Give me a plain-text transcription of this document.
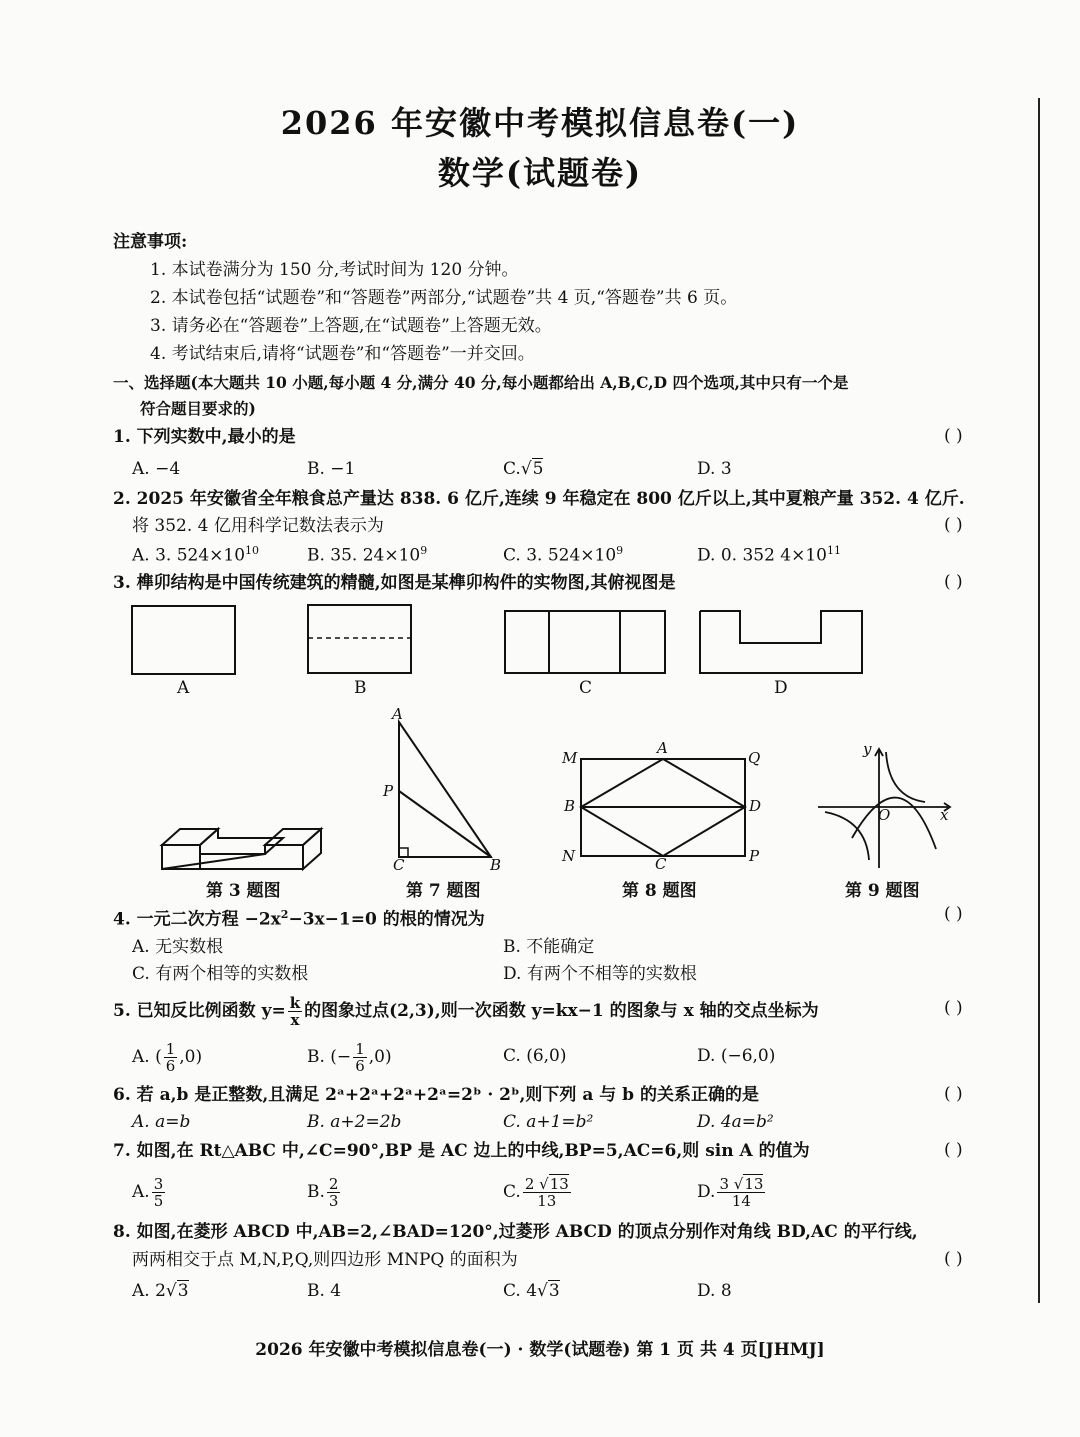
2026 年安徽中考模拟信息卷(一)
数学(试题卷)
注意事项:
1. 本试卷满分为 150 分,考试时间为 120 分钟。
2. 本试卷包括“试题卷”和“答题卷”两部分,“试题卷”共 4 页,“答题卷”共 6 页。
3. 请务必在“答题卷”上答题,在“试题卷”上答题无效。
4. 考试结束后,请将“试题卷”和“答题卷”一并交回。
一、选择题(本大题共 10 小题,每小题 4 分,满分 40 分,每小题都给出 A,B,C,D 四个选项,其中只有一个是
符合题目要求的)
1. 下列实数中,最小的是	( )
A. −4	B. −1	C.√5	D. 3
2. 2025 年安徽省全年粮食总产量达 838. 6 亿斤,连续 9 年稳定在 800 亿斤以上,其中夏粮产量 352. 4 亿斤.
将 352. 4 亿用科学记数法表示为	( )
A. 3. $524\times 10^{10}$	B. 35. $24\times 10^9$	C. 3. $524\times 10^9$	D. 0. 352 $4\times 10^{11}$
3. 榫卯结构是中国传统建筑的精髓,如图是某榫卯构件的实物图,其俯视图是	( )
A	B	C	D
A
P
C	B
M
A
Q
B	D
N	C	P
y
O	x
第 3 题图	第 7 题图	第 8 题图	第 9 题图
4. 一元二次方程 $-2x^2-3x-1=0$ 的根的情况为	( )
A. 无实数根	B. 不能确定
C. 有两个相等的实数根	D. 有两个不相等的实数根
5. 已知反比例函数 $y= \frac{k}{x}$ 的图象过点(2,3),则一次函数 y=kx−1 的图象与 x 轴的交点坐标为	( )
A. ( $\frac{1}{6} ,0$)	B. (− $\frac{1}{6} ,0$)	C. (6,0)	D. (−6,0)
6. 若 a,b 是正整数,且满足 2ᵃ+2ᵃ+2ᵃ+2ᵃ=2ᵇ · 2ᵇ,则下列 a 与 b 的关系正确的是	( )
A. a=b	B. a+2=2b	C. a+1=b²	D. 4a=b²
7. 如图,在 Rt△ABC 中,∠C=90°,BP 是 AC 边上的中线,BP=5,AC=6,则 sin A 的值为	( )
A. $\frac{3}{5}$	B. $\frac{2}{3}$	C. $\frac{2 √13}{13}$	D. $\frac{3 √13}{14}$
8. 如图,在菱形 ABCD 中,AB=2,∠BAD=120°,过菱形 ABCD 的顶点分别作对角线 BD,AC 的平行线,
两两相交于点 M,N,P,Q,则四边形 MNPQ 的面积为	( )
A. 2√3	B. 4	C. 4√3	D. 8
2026 年安徽中考模拟信息卷(一) · 数学(试题卷) 第 1 页 共 4 页[JHMJ]
